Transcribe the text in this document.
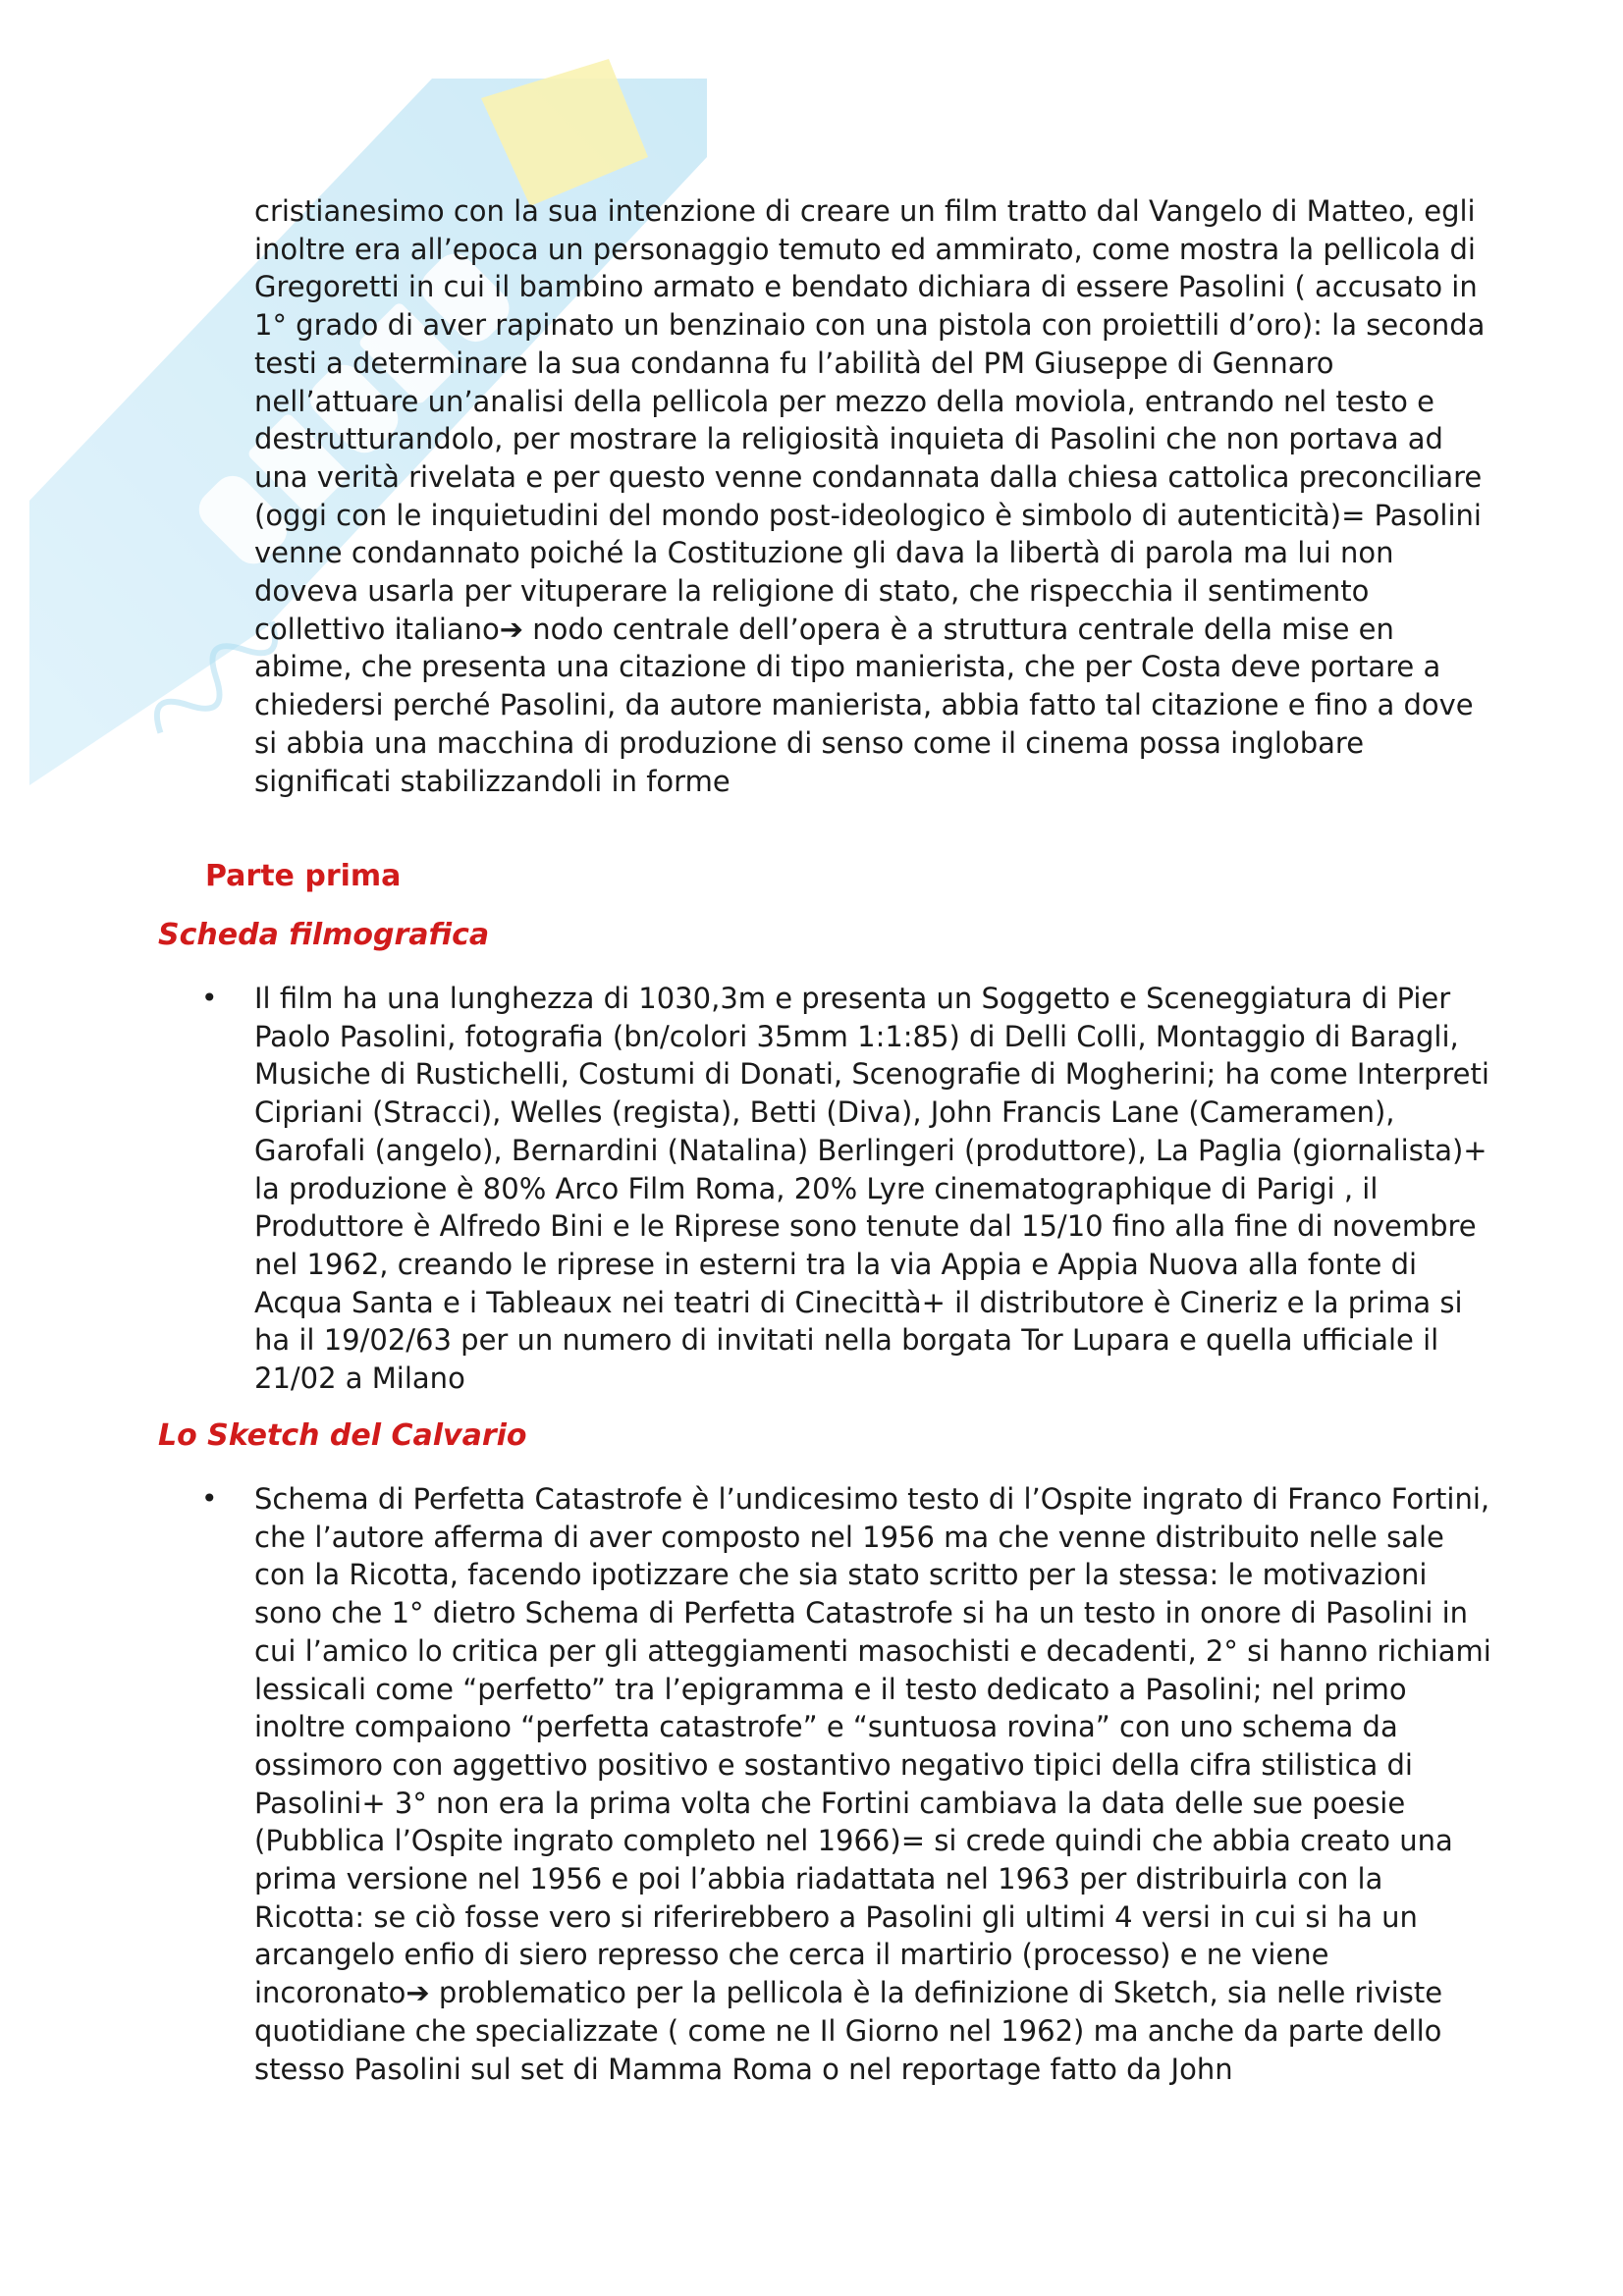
cristianesimo con la sua intenzione di creare un film tratto dal Vangelo di Matteo, egli inoltre era all’epoca un personaggio temuto ed ammirato, come mostra la pellicola di Gregoretti in cui il bambino armato e bendato dichiara di essere Pasolini ( accusato in 1° grado di aver rapinato un benzinaio con una pistola con proiettili d’oro): la seconda testi a determinare la sua condanna fu l’abilità del PM Giuseppe di Gennaro nell’attuare un’analisi della pellicola per mezzo della moviola, entrando nel testo e destrutturandolo, per mostrare la religiosità inquieta di Pasolini che non portava ad una verità rivelata e per questo venne condannata dalla chiesa cattolica preconciliare (oggi con le inquietudini del mondo post-ideologico è simbolo di autenticità)= Pasolini venne condannato poiché la Costituzione gli dava la libertà di parola ma lui non doveva usarla per vituperare la religione di stato, che rispecchia il sentimento collettivo italiano➔ nodo centrale dell’opera è a struttura centrale della mise en abime, che presenta una citazione di tipo manierista, che per Costa deve portare a chiedersi perché Pasolini, da autore manierista, abbia fatto tal citazione e fino a dove si abbia una macchina di produzione di senso come il cinema possa inglobare significati stabilizzandoli in forme

Parte prima
Scheda filmografica
• Il film ha una lunghezza di 1030,3m e presenta un Soggetto e Sceneggiatura di Pier Paolo Pasolini, fotografia (bn/colori 35mm 1:1:85) di Delli Colli, Montaggio di Baragli, Musiche di Rustichelli, Costumi di Donati, Scenografie di Mogherini; ha come Interpreti Cipriani (Stracci), Welles (regista), Betti (Diva), John Francis Lane (Cameramen), Garofali (angelo), Bernardini (Natalina) Berlingeri (produttore), La Paglia (giornalista)+ la produzione è 80% Arco Film Roma, 20% Lyre cinematographique di Parigi , il Produttore è Alfredo Bini e le Riprese sono tenute dal 15/10 fino alla fine di novembre nel 1962, creando le riprese in esterni tra la via Appia e Appia Nuova alla fonte di Acqua Santa e i Tableaux nei teatri di Cinecittà+ il distributore è Cineriz e la prima si ha il 19/02/63 per un numero di invitati nella borgata Tor Lupara e quella ufficiale il 21/02 a Milano

Lo Sketch del Calvario
• Schema di Perfetta Catastrofe è l’undicesimo testo di l’Ospite ingrato di Franco Fortini, che l’autore afferma di aver composto nel 1956 ma che venne distribuito nelle sale con la Ricotta, facendo ipotizzare che sia stato scritto per la stessa: le motivazioni sono che 1° dietro Schema di Perfetta Catastrofe si ha un testo in onore di Pasolini in cui l’amico lo critica per gli atteggiamenti masochisti e decadenti, 2° si hanno richiami lessicali come “perfetto” tra l’epigramma e il testo dedicato a Pasolini; nel primo inoltre compaiono “perfetta catastrofe” e “suntuosa rovina” con uno schema da ossimoro con aggettivo positivo e sostantivo negativo tipici della cifra stilistica di Pasolini+ 3° non era la prima volta che Fortini cambiava la data delle sue poesie (Pubblica l’Ospite ingrato completo nel 1966)= si crede quindi che abbia creato una prima versione nel 1956 e poi l’abbia riadattata nel 1963 per distribuirla con la Ricotta: se ciò fosse vero si riferirebbero a Pasolini gli ultimi 4 versi in cui si ha un arcangelo enfio di siero represso che cerca il martirio (processo) e ne viene incoronato➔ problematico per la pellicola è la definizione di Sketch, sia nelle riviste quotidiane che specializzate ( come ne Il Giorno nel 1962) ma anche da parte dello stesso Pasolini sul set di Mamma Roma o nel reportage fatto da John
